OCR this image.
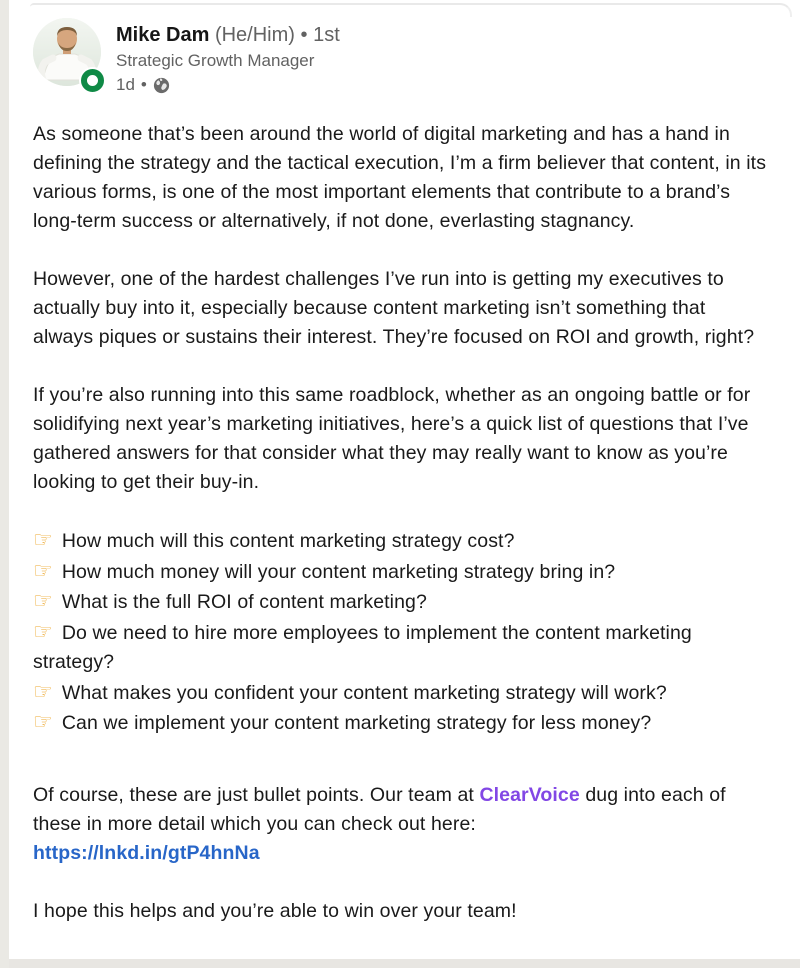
Mike Dam (He/Him) • 1st
Strategic Growth Manager
1d •

As someone that’s been around the world of digital marketing and has a hand in defining the strategy and the tactical execution, I’m a firm believer that content, in its various forms, is one of the most important elements that contribute to a brand’s long-term success or alternatively, if not done, everlasting stagnancy.

However, one of the hardest challenges I’ve run into is getting my executives to actually buy into it, especially because content marketing isn’t something that always piques or sustains their interest. They’re focused on ROI and growth, right?

If you’re also running into this same roadblock, whether as an ongoing battle or for solidifying next year’s marketing initiatives, here’s a quick list of questions that I’ve gathered answers for that consider what they may really want to know as you’re looking to get their buy-in.

☞ How much will this content marketing strategy cost?
☞ How much money will your content marketing strategy bring in?
☞ What is the full ROI of content marketing?
☞ Do we need to hire more employees to implement the content marketing strategy?
☞ What makes you confident your content marketing strategy will work?
☞ Can we implement your content marketing strategy for less money?

Of course, these are just bullet points. Our team at ClearVoice dug into each of these in more detail which you can check out here:
https://lnkd.in/gtP4hnNa

I hope this helps and you’re able to win over your team!
